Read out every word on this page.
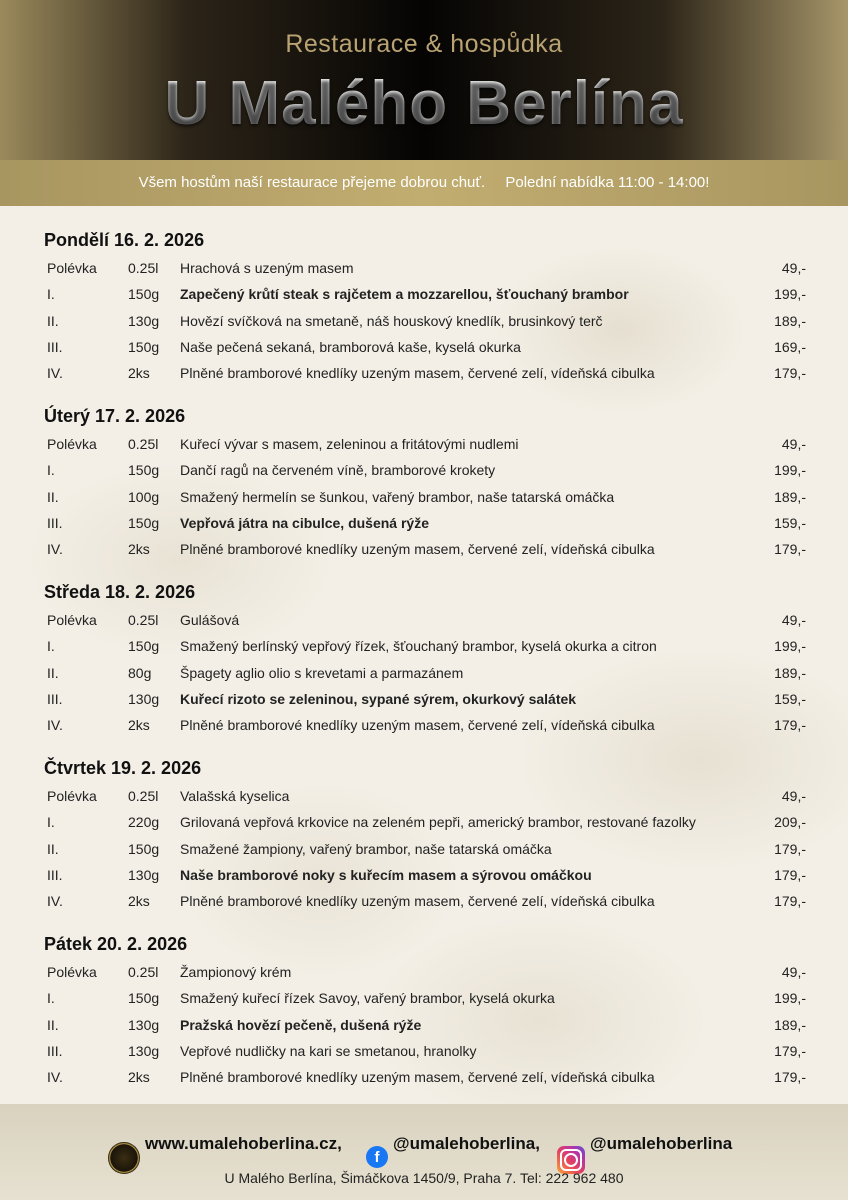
Restaurace & hospůdka
U Malého Berlína
Všem hostům naší restaurace přejeme dobrou chuť. Polední nabídka 11:00 - 14:00!
Pondělí 16. 2. 2026
Polévka 0.25l Hrachová s uzeným masem	49,-
I.	150g Zapečený krůtí steak s rajčetem a mozzarellou, šťouchaný brambor	199,-
II.	130g Hovězí svíčková na smetaně, náš houskový knedlík, brusinkový terč	189,-
III.	150g Naše pečená sekaná, bramborová kaše, kyselá okurka	169,-
IV.	2ks Plněné bramborové knedlíky uzeným masem, červené zelí, vídeňská cibulka	179,-
Úterý 17. 2. 2026
Polévka 0.25l Kuřecí vývar s masem, zeleninou a fritátovými nudlemi	49,-
I.	150g Dančí ragů na červeném víně, bramborové krokety	199,-
II.	100g Smažený hermelín se šunkou, vařený brambor, naše tatarská omáčka	189,-
III.	150g Vepřová játra na cibulce, dušená rýže	159,-
IV.	2ks Plněné bramborové knedlíky uzeným masem, červené zelí, vídeňská cibulka	179,-
Středa 18. 2. 2026
Polévka 0.25l Gulášová	49,-
I.	150g Smažený berlínský vepřový řízek, šťouchaný brambor, kyselá okurka a citron	199,-
II.	80g Špagety aglio olio s krevetami a parmazánem	189,-
III.	130g Kuřecí rizoto se zeleninou, sypané sýrem, okurkový salátek	159,-
IV.	2ks Plněné bramborové knedlíky uzeným masem, červené zelí, vídeňská cibulka	179,-
Čtvrtek 19. 2. 2026
Polévka 0.25l Valašská kyselica	49,-
I.	220g Grilovaná vepřová krkovice na zeleném pepři, americký brambor, restované fazolky	209,-
II.	150g Smažené žampiony, vařený brambor, naše tatarská omáčka	179,-
III.	130g Naše bramborové noky s kuřecím masem a sýrovou omáčkou	179,-
IV.	2ks Plněné bramborové knedlíky uzeným masem, červené zelí, vídeňská cibulka	179,-
Pátek 20. 2. 2026
Polévka 0.25l Žampionový krém	49,-
I.	150g Smažený kuřecí řízek Savoy, vařený brambor, kyselá okurka	199,-
II.	130g Pražská hovězí pečeně, dušená rýže	189,-
III.	130g Vepřové nudličky na kari se smetanou, hranolky	179,-
IV.	2ks Plněné bramborové knedlíky uzeným masem, červené zelí, vídeňská cibulka	179,-
www.umalehoberlina.cz,
f
@umalehoberlina,	@umalehoberlina
U Malého Berlína, Šimáčkova 1450/9, Praha 7. Tel: 222 962 480
